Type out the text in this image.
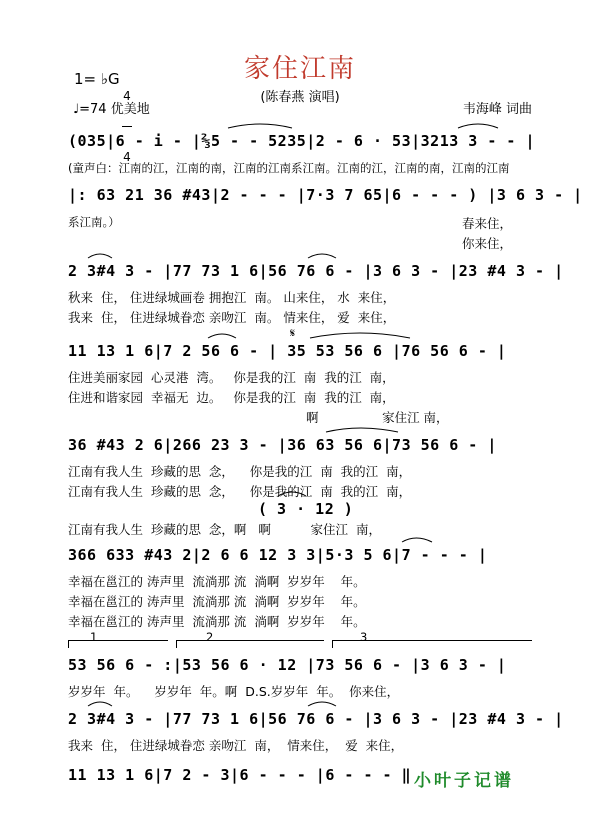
家住江南
(陈春燕 演唱)
1= ♭G

4

4

♩=74 优美地	韦海峰 词曲
(035|6 - i - |⅔5 - - 5235|2 - 6 · 53|3213 3 - - |
(童声白：江南的江，江南的南，江南的江南系江南。江南的江，江南的南，江南的江南
|: 63 21 36 #43|2 - - - |7·3 7 65|6 - - - ) |3 6 3 - |
系江南。）	春来住，
你来住，
2 3#4 3 - |77 73 1 6|56 76 6 - |3 6 3 - |23 #4 3 - |
秋来  住， 住进绿城画卷 拥抱江  南。 山来住， 水  来住，
我来  住， 住进绿城眷恋 亲吻江  南。 情来住， 爱  来住，
11 13 1 6|7 2 56 6 - | 35 53 56 6 |76 56 6 - |
住进美丽家园  心灵港  湾。   你是我的江  南  我的江  南，
住进和谐家园  幸福无  边。   你是我的江  南  我的江  南，
啊                家住江 南，
36 #43 2 6|266 23 3 - |36 63 56 6|73 56 6 - |
江南有我人生  珍藏的思  念，    你是我的江  南  我的江  南，
江南有我人生  珍藏的思  念，    你是我的江  南  我的江  南，
( 3 · 12 )
江南有我人生  珍藏的思  念，啊   啊          家住江  南，
366 633 #43 2|2 6 6 12 3 3|5·3 5 6|7 - - - |
幸福在邕江的 涛声里  流淌那 流  淌啊  岁岁年    年。
幸福在邕江的 涛声里  流淌那 流  淌啊  岁岁年    年。
幸福在邕江的 涛声里  流淌那 流  淌啊  岁岁年    年。
53 56 6 - :|53 56 6 · 12 |73 56 6 - |3 6 3 - |
岁岁年  年。    岁岁年  年。啊  D.S.岁岁年  年。  你来住，
2 3#4 3 - |77 73 1 6|56 76 6 - |3 6 3 - |23 #4 3 - |
我来  住， 住进绿城眷恋 亲吻江  南，  情来住，  爱  来住，
11 13 1 6|7 2 - 3|6 - - - |6 - - - ‖
1	2	3
𝄋
小叶子记谱
